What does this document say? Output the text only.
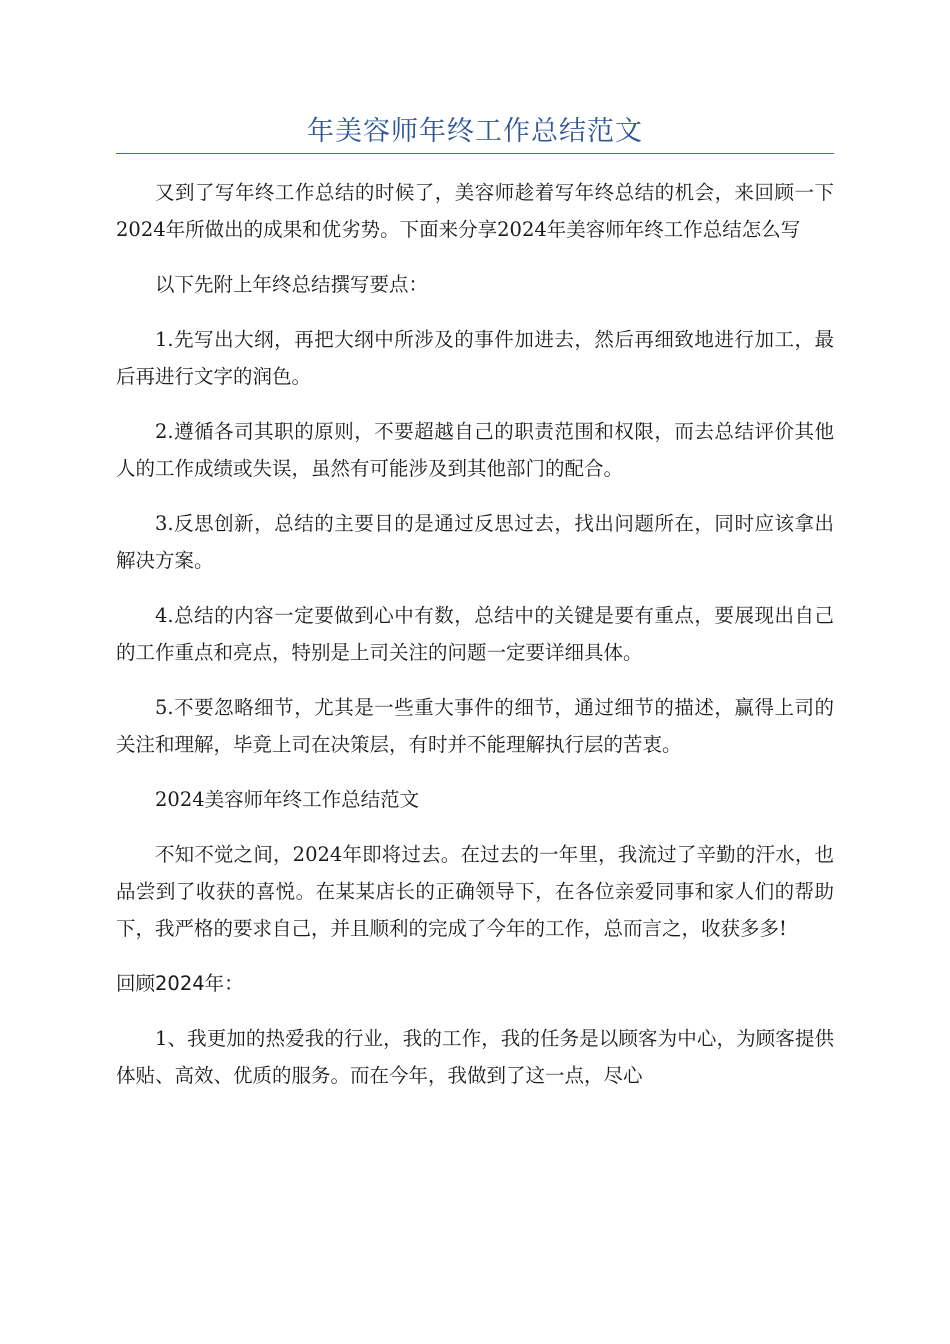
年美容师年终工作总结范文

又到了写年终工作总结的时候了，美容师趁着写年终总结的机会，来回顾一下2024年所做出的成果和优劣势。下面来分享2024年美容师年终工作总结怎么写

以下先附上年终总结撰写要点：

1.先写出大纲，再把大纲中所涉及的事件加进去，然后再细致地进行加工，最后再进行文字的润色。

2.遵循各司其职的原则，不要超越自己的职责范围和权限，而去总结评价其他人的工作成绩或失误，虽然有可能涉及到其他部门的配合。

3.反思创新，总结的主要目的是通过反思过去，找出问题所在，同时应该拿出解决方案。

4.总结的内容一定要做到心中有数，总结中的关键是要有重点，要展现出自己的工作重点和亮点，特别是上司关注的问题一定要详细具体。

5.不要忽略细节，尤其是一些重大事件的细节，通过细节的描述，赢得上司的关注和理解，毕竟上司在决策层，有时并不能理解执行层的苦衷。

2024美容师年终工作总结范文

不知不觉之间，2024年即将过去。在过去的一年里，我流过了辛勤的汗水，也品尝到了收获的喜悦。在某某店长的正确领导下，在各位亲爱同事和家人们的帮助下，我严格的要求自己，并且顺利的完成了今年的工作，总而言之，收获多多!

回顾2024年：

1、我更加的热爱我的行业，我的工作，我的任务是以顾客为中心，为顾客提供体贴、高效、优质的服务。而在今年，我做到了这一点，尽心
